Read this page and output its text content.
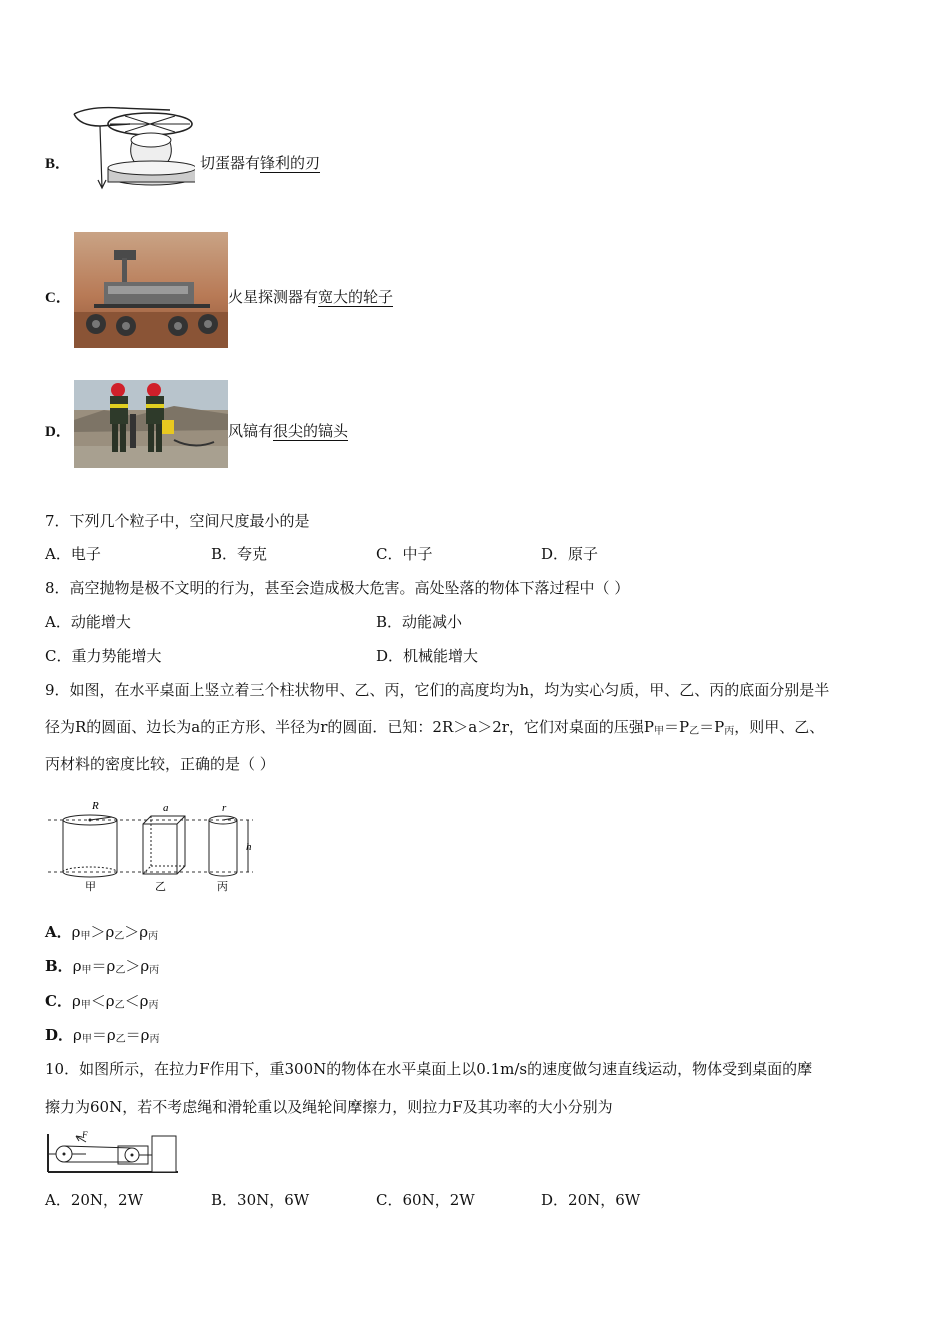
B．	切蛋器有锋利的刃
C．	火星探测器有宽大的轮子
D．	风镐有很尖的镐头
7．下列几个粒子中，空间尺度最小的是
A．电子	B．夸克	C．中子	D．原子
8．高空抛物是极不文明的行为，甚至会造成极大危害。高处坠落的物体下落过程中（ ）
A．动能增大	B．动能减小
C．重力势能增大	D．机械能增大
9．如图，在水平桌面上竖立着三个柱状物甲、乙、丙，它们的高度均为h，均为实心匀质，甲、乙、丙的底面分别是半
径为R的圆面、边长为a的正方形、半径为r的圆面．已知：2R＞a＞2r，它们对桌面的压强$P_甲=P_乙=P_丙$，则甲、乙、
丙材料的密度比较，正确的是（ ）
R
甲
a
乙
r
丙
h
A．$\rho_甲>\rho_乙>\rho_丙$
B．$\rho_甲=\rho_乙>\rho_丙$
C．$\rho_甲<\rho_乙<\rho_丙$
D．$\rho_甲=\rho_乙=\rho_丙$
10．如图所示，在拉力F作用下，重300N的物体在水平桌面上以0.1m/s的速度做匀速直线运动，物体受到桌面的摩
擦力为60N，若不考虑绳和滑轮重以及绳轮间摩擦力，则拉力F及其功率的大小分别为
F
A．20N，2W	B．30N，6W	C．60N，2W	D．20N，6W
